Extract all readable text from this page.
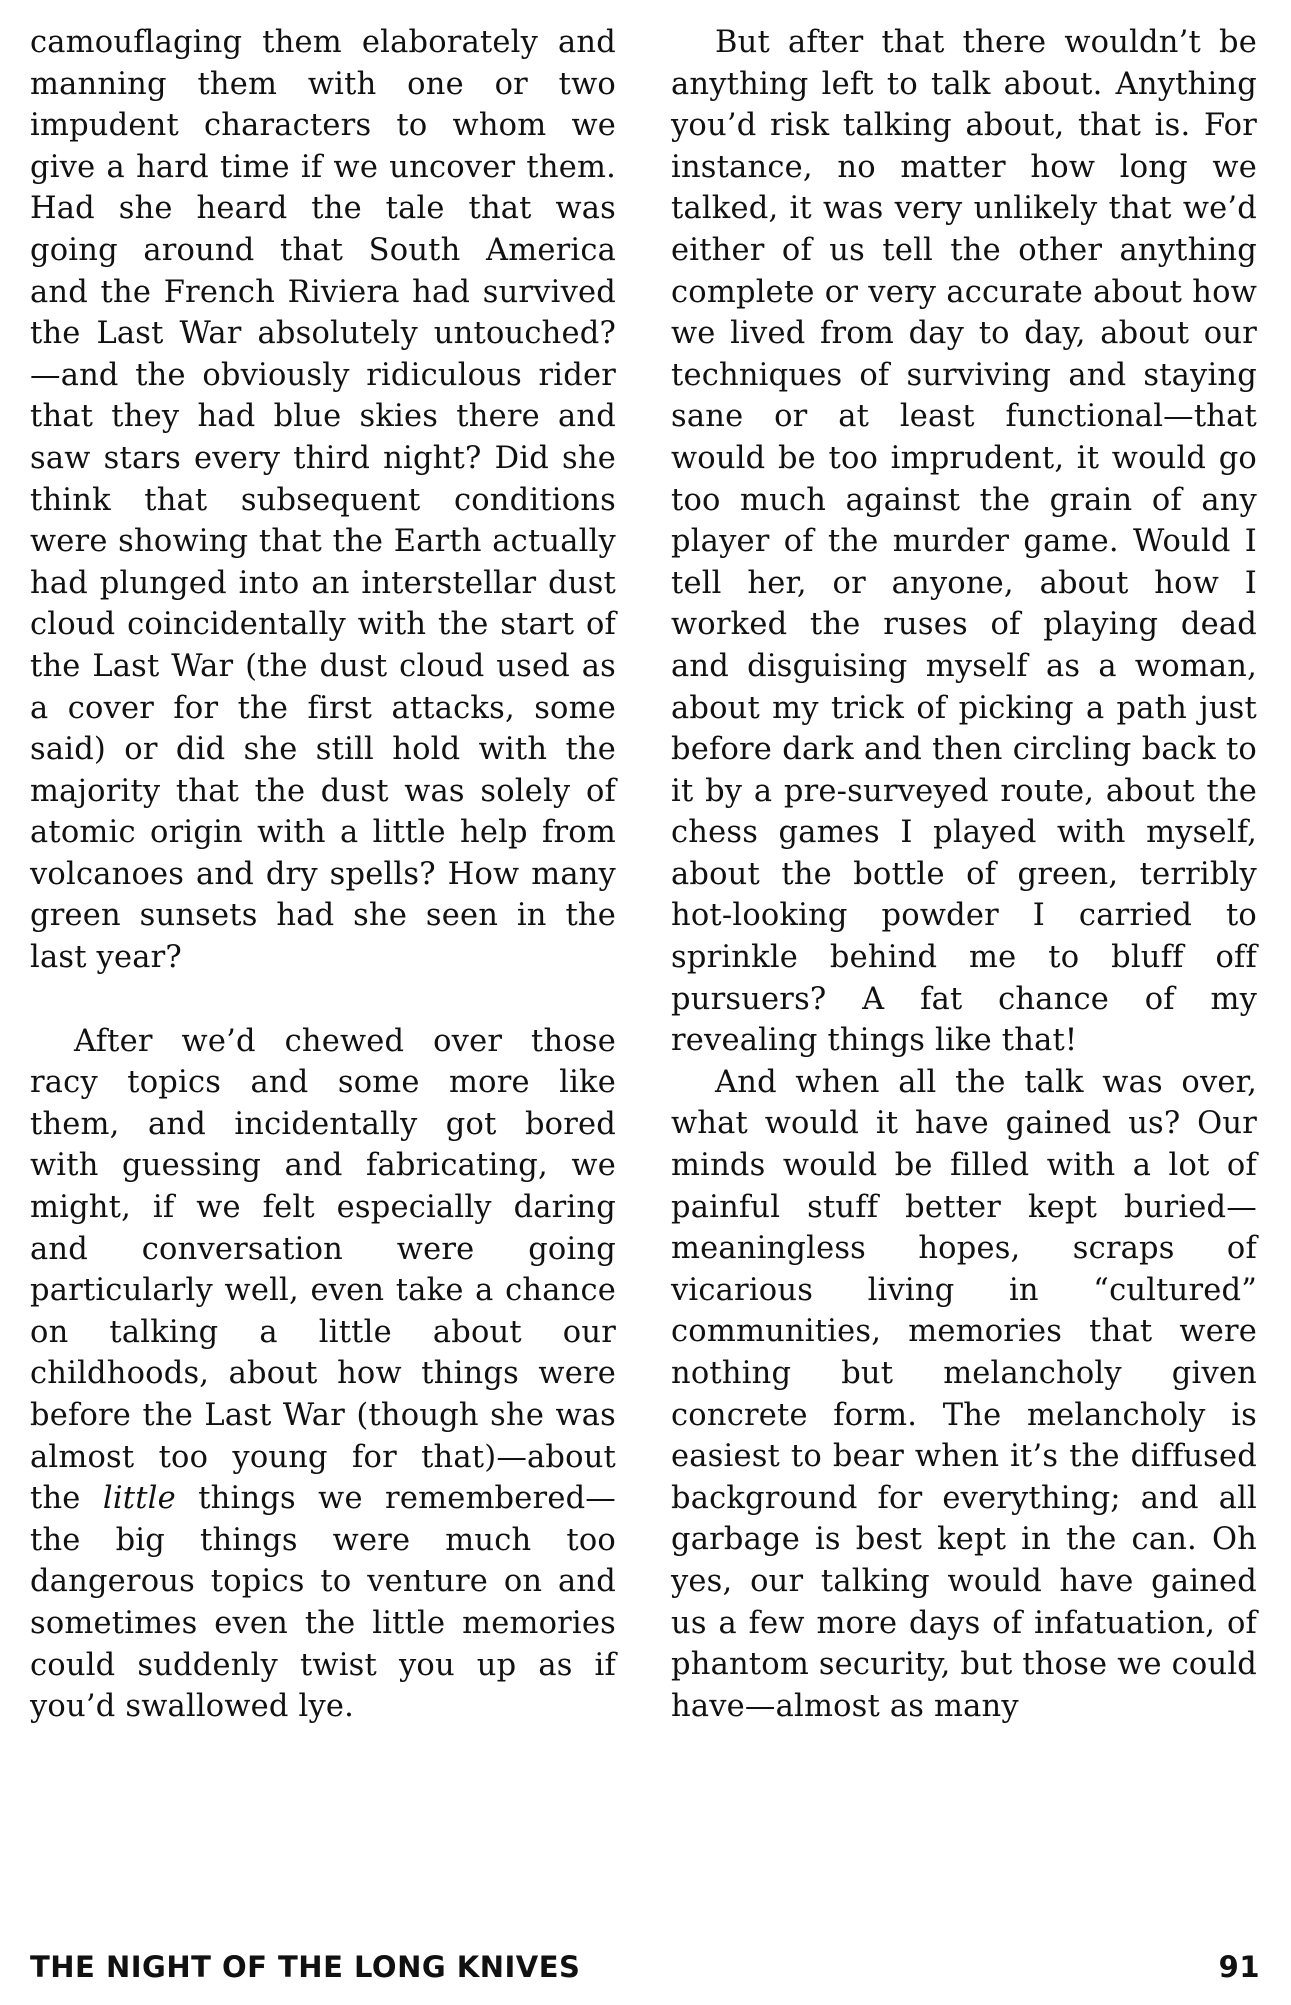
camouflaging them elaborately and manning them with one or two impudent characters to whom we give a hard time if we uncover them. Had she heard the tale that was going around that South America and the French Riviera had survived the Last War absolutely untouched?—and the obviously ridiculous rider that they had blue skies there and saw stars every third night? Did she think that subsequent conditions were showing that the Earth actually had plunged into an interstellar dust cloud coincidentally with the start of the Last War (the dust cloud used as a cover for the first attacks, some said) or did she still hold with the majority that the dust was solely of atomic origin with a little help from volcanoes and dry spells? How many green sunsets had she seen in the last year?

After we’d chewed over those racy topics and some more like them, and incidentally got bored with guessing and fabricating, we might, if we felt especially daring and conversation were going particularly well, even take a chance on talking a little about our childhoods, about how things were before the Last War (though she was almost too young for that)—about the little things we remembered—the big things were much too dangerous topics to venture on and sometimes even the little memories could suddenly twist you up as if you’d swallowed lye.

But after that there wouldn’t be anything left to talk about. Anything you’d risk talking about, that is. For instance, no matter how long we talked, it was very unlikely that we’d either of us tell the other anything complete or very accurate about how we lived from day to day, about our techniques of surviving and staying sane or at least functional—that would be too imprudent, it would go too much against the grain of any player of the murder game. Would I tell her, or anyone, about how I worked the ruses of playing dead and disguising myself as a woman, about my trick of picking a path just before dark and then circling back to it by a pre-surveyed route, about the chess games I played with myself, about the bottle of green, terribly hot-looking powder I carried to sprinkle behind me to bluff off pursuers? A fat chance of my revealing things like that!

And when all the talk was over, what would it have gained us? Our minds would be filled with a lot of painful stuff better kept buried—meaningless hopes, scraps of vicarious living in “cultured” communities, memories that were nothing but melancholy given concrete form. The melancholy is easiest to bear when it’s the diffused background for everything; and all garbage is best kept in the can. Oh yes, our talking would have gained us a few more days of infatuation, of phantom security, but those we could have—almost as many

THE NIGHT OF THE LONG KNIVES	91
